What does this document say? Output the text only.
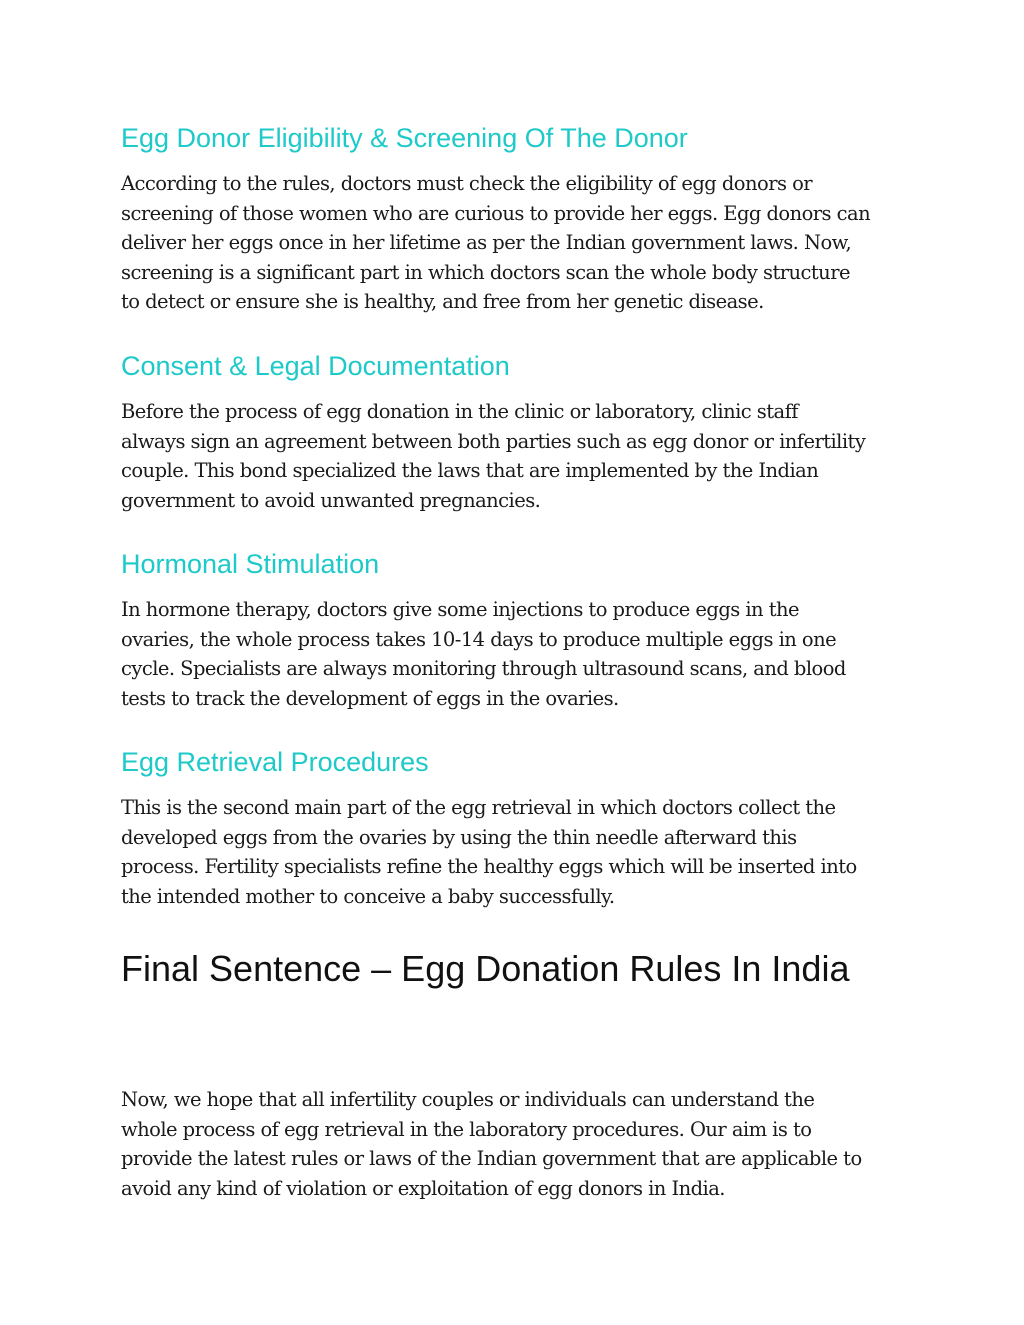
Egg Donor Eligibility & Screening Of The Donor

According to the rules, doctors must check the eligibility of egg donors or
screening of those women who are curious to provide her eggs. Egg donors can
deliver her eggs once in her lifetime as per the Indian government laws. Now,
screening is a significant part in which doctors scan the whole body structure
to detect or ensure she is healthy, and free from her genetic disease.

Consent & Legal Documentation

Before the process of egg donation in the clinic or laboratory, clinic staff
always sign an agreement between both parties such as egg donor or infertility
couple. This bond specialized the laws that are implemented by the Indian
government to avoid unwanted pregnancies.

Hormonal Stimulation

In hormone therapy, doctors give some injections to produce eggs in the
ovaries, the whole process takes 10-14 days to produce multiple eggs in one
cycle. Specialists are always monitoring through ultrasound scans, and blood
tests to track the development of eggs in the ovaries.

Egg Retrieval Procedures

This is the second main part of the egg retrieval in which doctors collect the
developed eggs from the ovaries by using the thin needle afterward this
process. Fertility specialists refine the healthy eggs which will be inserted into
the intended mother to conceive a baby successfully.

Final Sentence – Egg Donation Rules In India

Now, we hope that all infertility couples or individuals can understand the
whole process of egg retrieval in the laboratory procedures. Our aim is to
provide the latest rules or laws of the Indian government that are applicable to
avoid any kind of violation or exploitation of egg donors in India.
